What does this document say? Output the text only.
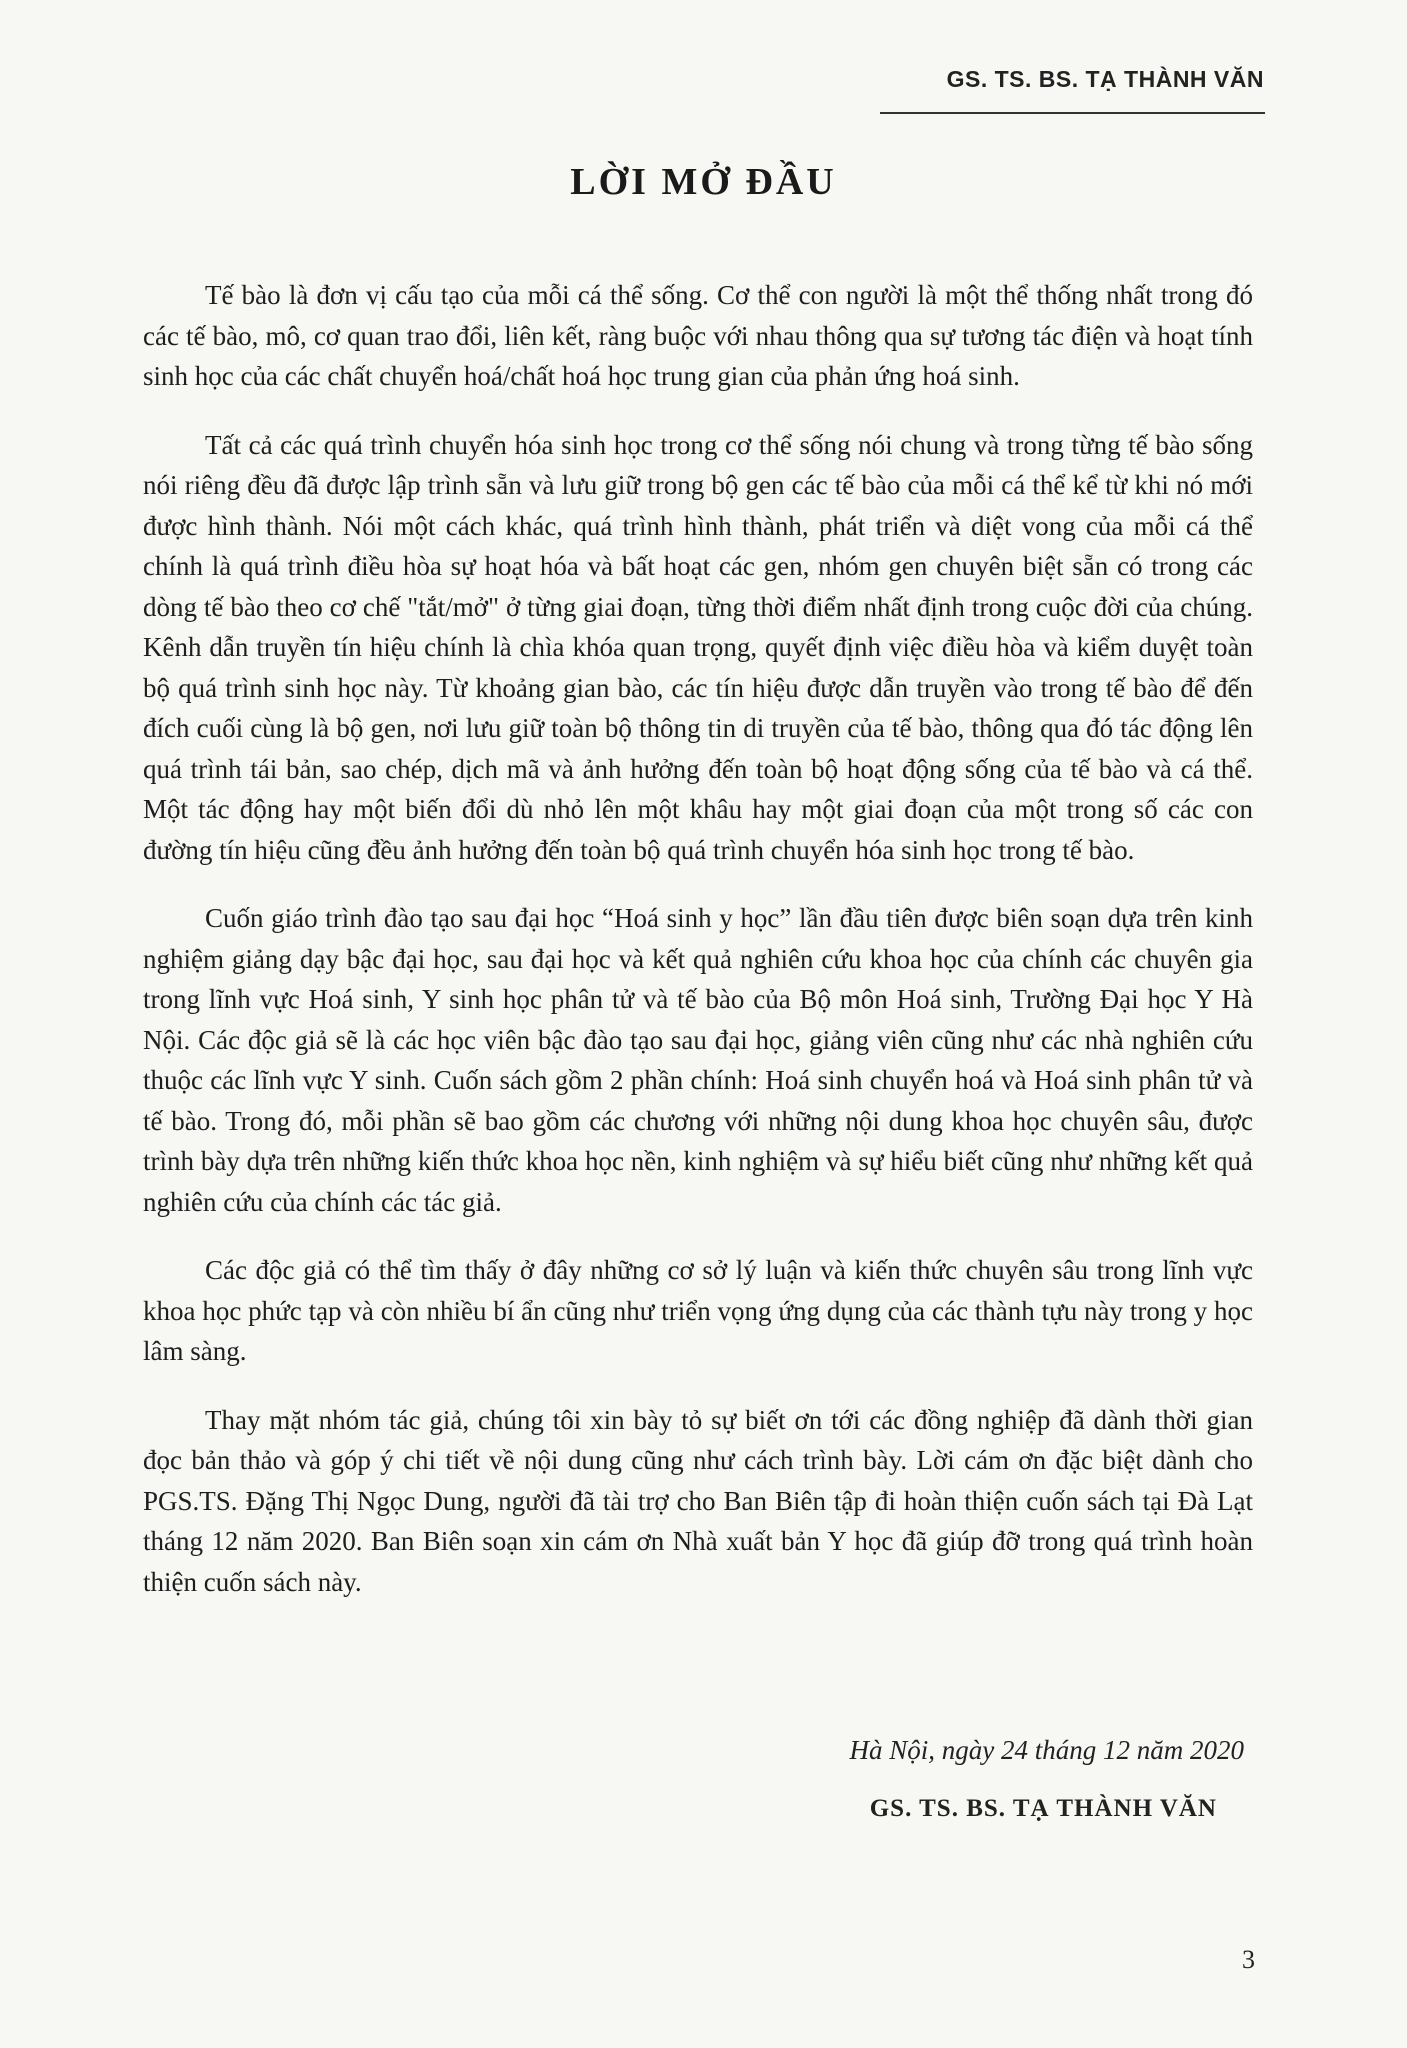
GS. TS. BS. TẠ THÀNH VĂN
LỜI MỞ ĐẦU

Tế bào là đơn vị cấu tạo của mỗi cá thể sống. Cơ thể con người là một thể thống nhất trong đó các tế bào, mô, cơ quan trao đổi, liên kết, ràng buộc với nhau thông qua sự tương tác điện và hoạt tính sinh học của các chất chuyển hoá/chất hoá học trung gian của phản ứng hoá sinh.

Tất cả các quá trình chuyển hóa sinh học trong cơ thể sống nói chung và trong từng tế bào sống nói riêng đều đã được lập trình sẵn và lưu giữ trong bộ gen các tế bào của mỗi cá thể kể từ khi nó mới được hình thành. Nói một cách khác, quá trình hình thành, phát triển và diệt vong của mỗi cá thể chính là quá trình điều hòa sự hoạt hóa và bất hoạt các gen, nhóm gen chuyên biệt sẵn có trong các dòng tế bào theo cơ chế "tắt/mở" ở từng giai đoạn, từng thời điểm nhất định trong cuộc đời của chúng. Kênh dẫn truyền tín hiệu chính là chìa khóa quan trọng, quyết định việc điều hòa và kiểm duyệt toàn bộ quá trình sinh học này. Từ khoảng gian bào, các tín hiệu được dẫn truyền vào trong tế bào để đến đích cuối cùng là bộ gen, nơi lưu giữ toàn bộ thông tin di truyền của tế bào, thông qua đó tác động lên quá trình tái bản, sao chép, dịch mã và ảnh hưởng đến toàn bộ hoạt động sống của tế bào và cá thể. Một tác động hay một biến đổi dù nhỏ lên một khâu hay một giai đoạn của một trong số các con đường tín hiệu cũng đều ảnh hưởng đến toàn bộ quá trình chuyển hóa sinh học trong tế bào.

Cuốn giáo trình đào tạo sau đại học “Hoá sinh y học” lần đầu tiên được biên soạn dựa trên kinh nghiệm giảng dạy bậc đại học, sau đại học và kết quả nghiên cứu khoa học của chính các chuyên gia trong lĩnh vực Hoá sinh, Y sinh học phân tử và tế bào của Bộ môn Hoá sinh, Trường Đại học Y Hà Nội. Các độc giả sẽ là các học viên bậc đào tạo sau đại học, giảng viên cũng như các nhà nghiên cứu thuộc các lĩnh vực Y sinh. Cuốn sách gồm 2 phần chính: Hoá sinh chuyển hoá và Hoá sinh phân tử và tế bào. Trong đó, mỗi phần sẽ bao gồm các chương với những nội dung khoa học chuyên sâu, được trình bày dựa trên những kiến thức khoa học nền, kinh nghiệm và sự hiểu biết cũng như những kết quả nghiên cứu của chính các tác giả.

Các độc giả có thể tìm thấy ở đây những cơ sở lý luận và kiến thức chuyên sâu trong lĩnh vực khoa học phức tạp và còn nhiều bí ẩn cũng như triển vọng ứng dụng của các thành tựu này trong y học lâm sàng.

Thay mặt nhóm tác giả, chúng tôi xin bày tỏ sự biết ơn tới các đồng nghiệp đã dành thời gian đọc bản thảo và góp ý chi tiết về nội dung cũng như cách trình bày. Lời cám ơn đặc biệt dành cho PGS.TS. Đặng Thị Ngọc Dung, người đã tài trợ cho Ban Biên tập đi hoàn thiện cuốn sách tại Đà Lạt tháng 12 năm 2020. Ban Biên soạn xin cám ơn Nhà xuất bản Y học đã giúp đỡ trong quá trình hoàn thiện cuốn sách này.

Hà Nội, ngày 24 tháng 12 năm 2020
GS. TS. BS. TẠ THÀNH VĂN
3
